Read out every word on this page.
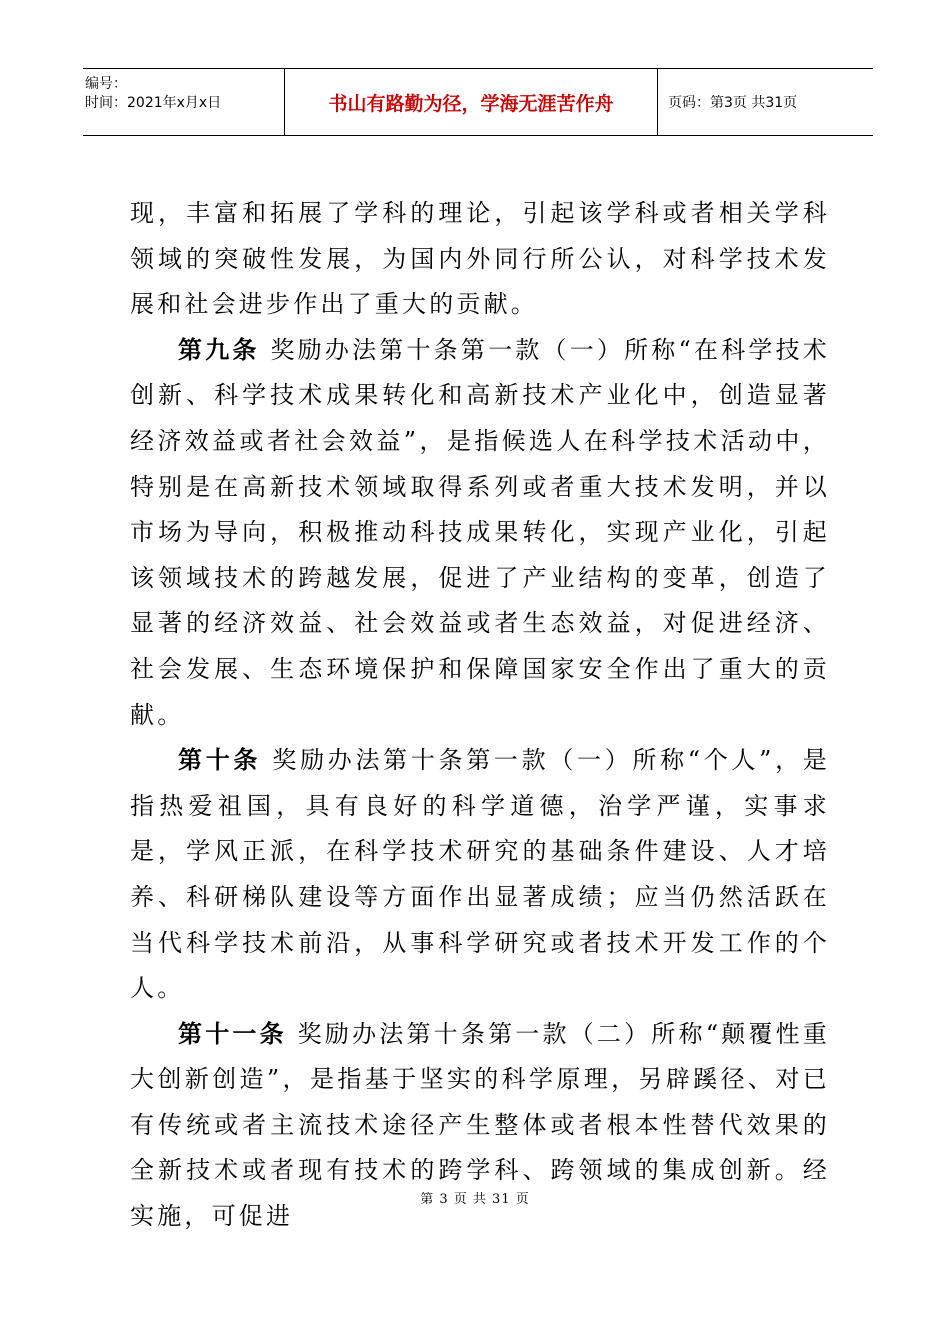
编号：
时间：2021年x月x日	书山有路勤为径，学海无涯苦作舟	页码：第3页 共31页

现，丰富和拓展了学科的理论，引起该学科或者相关学科领域的突破性发展，为国内外同行所公认，对科学技术发展和社会进步作出了重大的贡献。

第九条 奖励办法第十条第一款（一）所称“在科学技术创新、科学技术成果转化和高新技术产业化中，创造显著经济效益或者社会效益”，是指候选人在科学技术活动中，特别是在高新技术领域取得系列或者重大技术发明，并以市场为导向，积极推动科技成果转化，实现产业化，引起该领域技术的跨越发展，促进了产业结构的变革，创造了显著的经济效益、社会效益或者生态效益，对促进经济、社会发展、生态环境保护和保障国家安全作出了重大的贡献。

第十条 奖励办法第十条第一款（一）所称“个人”，是指热爱祖国，具有良好的科学道德，治学严谨，实事求是，学风正派，在科学技术研究的基础条件建设、人才培养、科研梯队建设等方面作出显著成绩；应当仍然活跃在当代科学技术前沿，从事科学研究或者技术开发工作的个人。

第十一条 奖励办法第十条第一款（二）所称“颠覆性重大创新创造”，是指基于坚实的科学原理，另辟蹊径、对已有传统或者主流技术途径产生整体或者根本性替代效果的全新技术或者现有技术的跨学科、跨领域的集成创新。经实施，可促进

第 3 页 共 31 页
